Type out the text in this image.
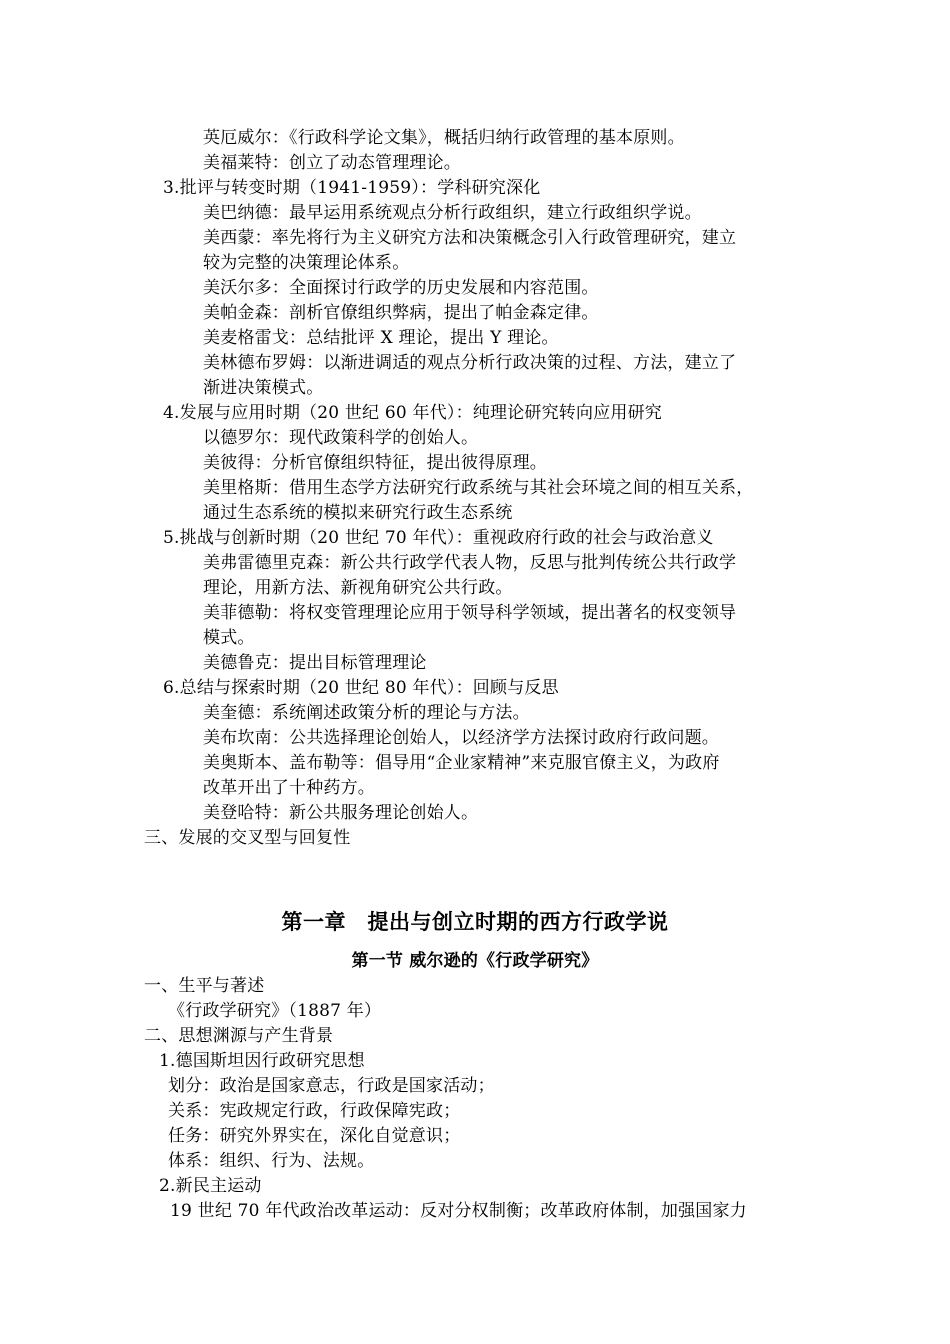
英厄威尔：《行政科学论文集》，概括归纳行政管理的基本原则。
美福莱特：创立了动态管理理论。
3.批评与转变时期（1941-1959）：学科研究深化
美巴纳德：最早运用系统观点分析行政组织，建立行政组织学说。
美西蒙：率先将行为主义研究方法和决策概念引入行政管理研究，建立
较为完整的决策理论体系。
美沃尔多：全面探讨行政学的历史发展和内容范围。
美帕金森：剖析官僚组织弊病，提出了帕金森定律。
美麦格雷戈：总结批评 X 理论，提出 Y 理论。
美林德布罗姆：以渐进调适的观点分析行政决策的过程、方法，建立了
渐进决策模式。
4.发展与应用时期（20 世纪 60 年代）：纯理论研究转向应用研究
以德罗尔：现代政策科学的创始人。
美彼得：分析官僚组织特征，提出彼得原理。
美里格斯：借用生态学方法研究行政系统与其社会环境之间的相互关系，
通过生态系统的模拟来研究行政生态系统
5.挑战与创新时期（20 世纪 70 年代）：重视政府行政的社会与政治意义
美弗雷德里克森：新公共行政学代表人物，反思与批判传统公共行政学
理论，用新方法、新视角研究公共行政。
美菲德勒：将权变管理理论应用于领导科学领域，提出著名的权变领导
模式。
美德鲁克：提出目标管理理论
6.总结与探索时期（20 世纪 80 年代）：回顾与反思
美奎德：系统阐述政策分析的理论与方法。
美布坎南：公共选择理论创始人，以经济学方法探讨政府行政问题。
美奥斯本、盖布勒等：倡导用“企业家精神”来克服官僚主义，为政府
改革开出了十种药方。
美登哈特：新公共服务理论创始人。
三、发展的交叉型与回复性
第一章　提出与创立时期的西方行政学说
第一节 威尔逊的《行政学研究》
一、生平与著述
《行政学研究》（1887 年）
二、思想渊源与产生背景
1.德国斯坦因行政研究思想
划分：政治是国家意志，行政是国家活动；
关系：宪政规定行政，行政保障宪政；
任务：研究外界实在，深化自觉意识；
体系：组织、行为、法规。
2.新民主运动
19 世纪 70 年代政治改革运动：反对分权制衡；改革政府体制，加强国家力
